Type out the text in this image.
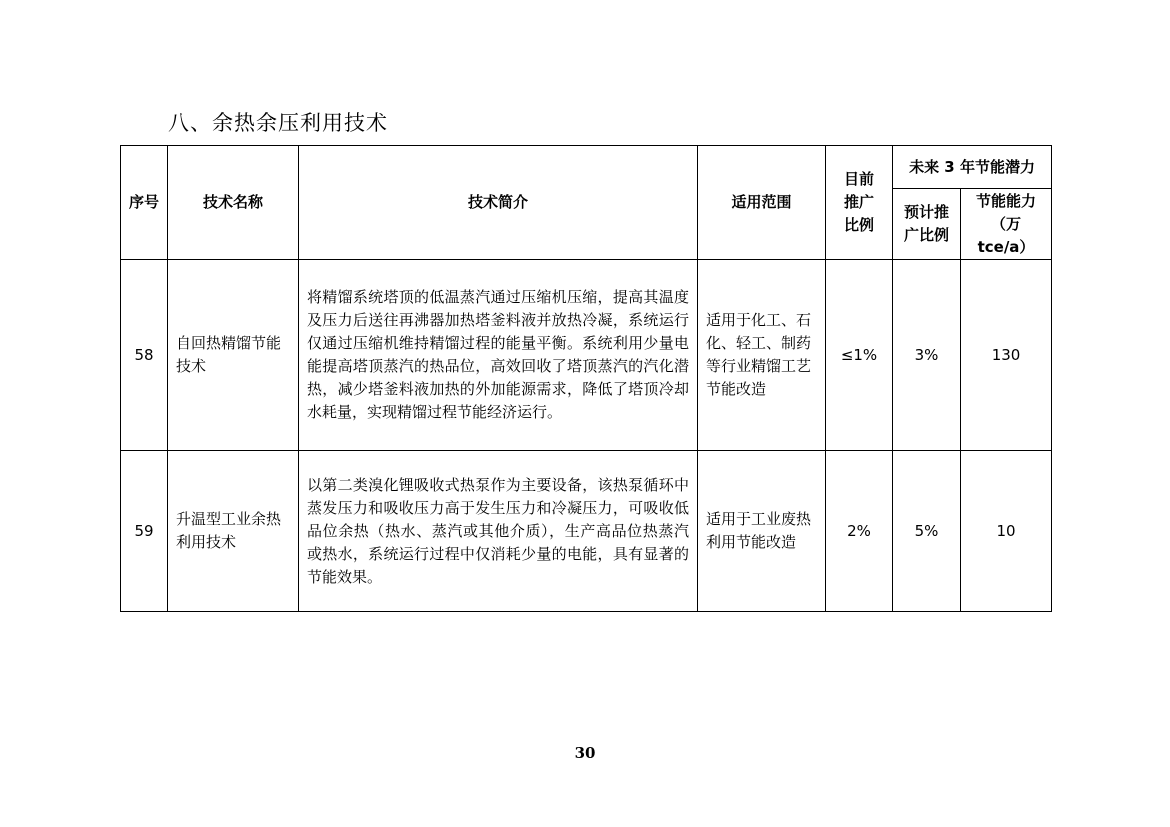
八、余热余压利用技术
序号	技术名称	技术简介	适用范围	目前推广比例	未来 3 年节能潜力	
					预计推广比例	节能能力（万 tce/a）
58	自回热精馏节能技术	将精馏系统塔顶的低温蒸汽通过压缩机压缩，提高其温度及压力后送往再沸器加热塔釜料液并放热冷凝，系统运行仅通过压缩机维持精馏过程的能量平衡。系统利用少量电能提高塔顶蒸汽的热品位，高效回收了塔顶蒸汽的汽化潜热，减少塔釜料液加热的外加能源需求，降低了塔顶冷却水耗量，实现精馏过程节能经济运行。	适用于化工、石化、轻工、制药等行业精馏工艺节能改造	≤1%	3%	130
59	升温型工业余热利用技术	以第二类溴化锂吸收式热泵作为主要设备，该热泵循环中蒸发压力和吸收压力高于发生压力和冷凝压力，可吸收低品位余热（热水、蒸汽或其他介质），生产高品位热蒸汽或热水，系统运行过程中仅消耗少量的电能，具有显著的节能效果。	适用于工业废热利用节能改造	2%	5%	10
30
